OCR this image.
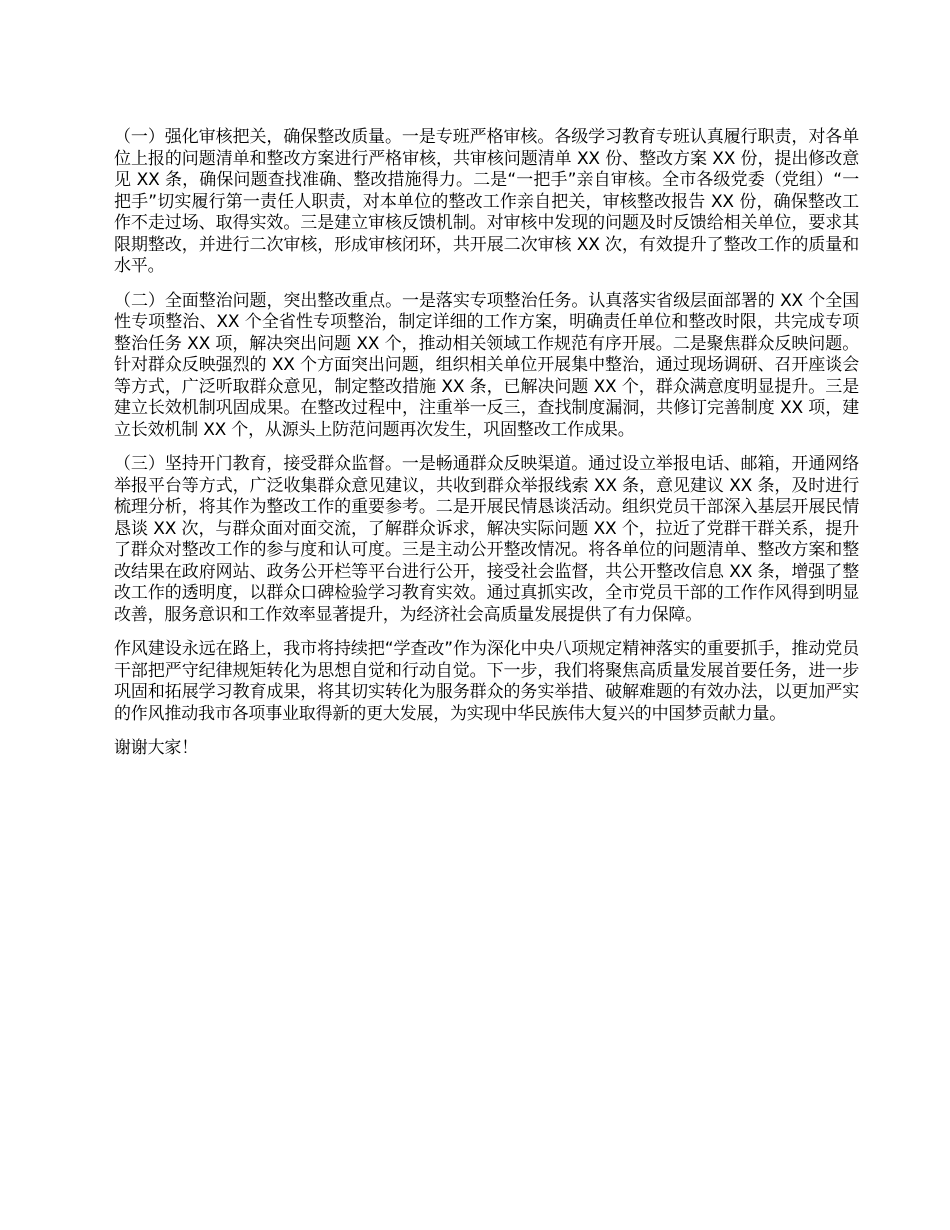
（一）强化审核把关，确保整改质量。一是专班严格审核。各级学习教育专班认真履行职责，对各单位上报的问题清单和整改方案进行严格审核，共审核问题清单 XX 份、整改方案 XX 份，提出修改意见 XX 条，确保问题查找准确、整改措施得力。二是“一把手”亲自审核。全市各级党委（党组）“一把手”切实履行第一责任人职责，对本单位的整改工作亲自把关，审核整改报告 XX 份，确保整改工作不走过场、取得实效。三是建立审核反馈机制。对审核中发现的问题及时反馈给相关单位，要求其限期整改，并进行二次审核，形成审核闭环，共开展二次审核 XX 次，有效提升了整改工作的质量和水平。

（二）全面整治问题，突出整改重点。一是落实专项整治任务。认真落实省级层面部署的 XX 个全国性专项整治、XX 个全省性专项整治，制定详细的工作方案，明确责任单位和整改时限，共完成专项整治任务 XX 项，解决突出问题 XX 个，推动相关领域工作规范有序开展。二是聚焦群众反映问题。针对群众反映强烈的 XX 个方面突出问题，组织相关单位开展集中整治，通过现场调研、召开座谈会等方式，广泛听取群众意见，制定整改措施 XX 条，已解决问题 XX 个，群众满意度明显提升。三是建立长效机制巩固成果。在整改过程中，注重举一反三，查找制度漏洞，共修订完善制度 XX 项，建立长效机制 XX 个，从源头上防范问题再次发生，巩固整改工作成果。

（三）坚持开门教育，接受群众监督。一是畅通群众反映渠道。通过设立举报电话、邮箱，开通网络举报平台等方式，广泛收集群众意见建议，共收到群众举报线索 XX 条，意见建议 XX 条，及时进行梳理分析，将其作为整改工作的重要参考。二是开展民情恳谈活动。组织党员干部深入基层开展民情恳谈 XX 次，与群众面对面交流，了解群众诉求，解决实际问题 XX 个，拉近了党群干群关系，提升了群众对整改工作的参与度和认可度。三是主动公开整改情况。将各单位的问题清单、整改方案和整改结果在政府网站、政务公开栏等平台进行公开，接受社会监督，共公开整改信息 XX 条，增强了整改工作的透明度，以群众口碑检验学习教育实效。通过真抓实改，全市党员干部的工作作风得到明显改善，服务意识和工作效率显著提升，为经济社会高质量发展提供了有力保障。

作风建设永远在路上，我市将持续把“学查改”作为深化中央八项规定精神落实的重要抓手，推动党员干部把严守纪律规矩转化为思想自觉和行动自觉。下一步，我们将聚焦高质量发展首要任务，进一步巩固和拓展学习教育成果，将其切实转化为服务群众的务实举措、破解难题的有效办法，以更加严实的作风推动我市各项事业取得新的更大发展，为实现中华民族伟大复兴的中国梦贡献力量。

谢谢大家！
